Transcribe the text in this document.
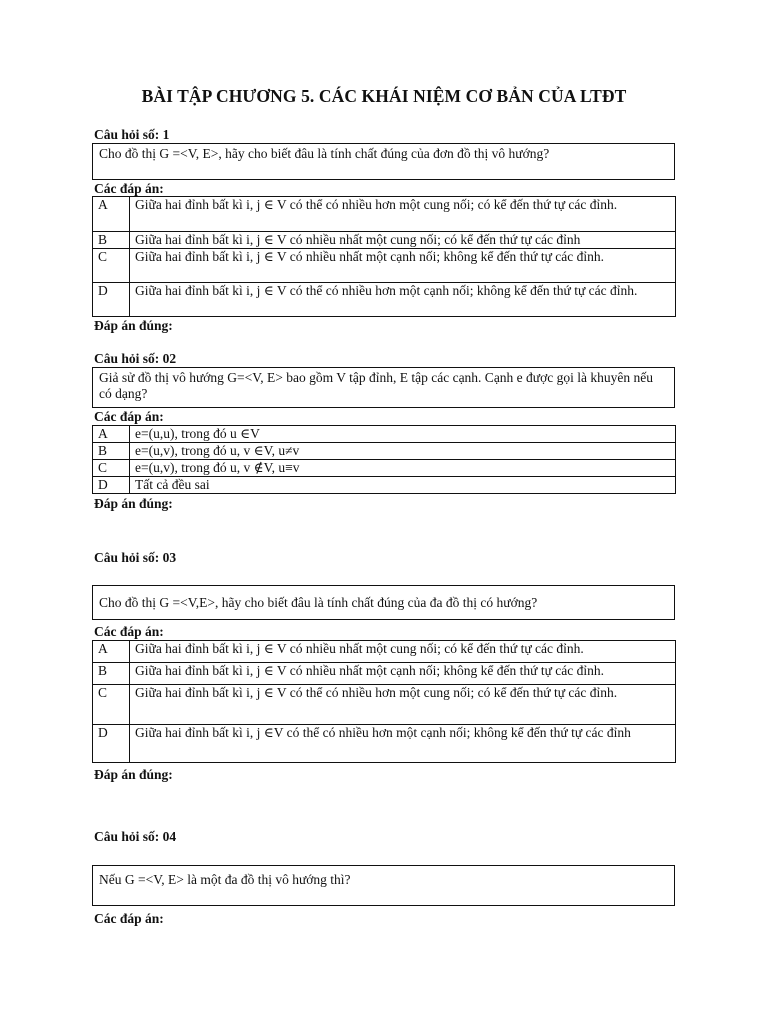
BÀI TẬP CHƯƠNG 5. CÁC KHÁI NIỆM CƠ BẢN CỦA LTĐT
Câu hỏi số: 1
Cho đồ thị G =<V, E>, hãy cho biết đâu là tính chất đúng của đơn đồ thị vô hướng?
Các đáp án:
A	Giữa hai đỉnh bất kì i, j ∈ V có thể có nhiều hơn một cung nối; có kể đến thứ tự các đỉnh.
B	Giữa hai đỉnh bất kì i, j ∈ V có nhiều nhất một cung nối; có kể đến thứ tự các đỉnh
C	Giữa hai đỉnh bất kì i, j ∈ V có nhiều nhất một cạnh nối; không kể đến thứ tự các đỉnh.
D	Giữa hai đỉnh bất kì i, j ∈ V có thể có nhiều hơn một cạnh nối; không kể đến thứ tự các đỉnh.
Đáp án đúng:
Câu hỏi số: 02
Giả sử đồ thị vô hướng G=<V, E> bao gồm V tập đỉnh, E tập các cạnh. Cạnh e được gọi là khuyên nếu có dạng?
Các đáp án:
A	e=(u,u), trong đó u ∈V
B	e=(u,v), trong đó u, v ∈V, u≠v
C	e=(u,v), trong đó u, v ∉V, u≡v
D	Tất cả đều sai
Đáp án đúng:
Câu hỏi số: 03
Cho đồ thị G =<V,E>, hãy cho biết đâu là tính chất đúng của đa đồ thị có hướng?
Các đáp án:
A	Giữa hai đỉnh bất kì i, j ∈ V có nhiều nhất một cung nối; có kể đến thứ tự các đỉnh.
B	Giữa hai đỉnh bất kì i, j ∈ V có nhiều nhất một cạnh nối; không kể đến thứ tự các đỉnh.
C	Giữa hai đỉnh bất kì i, j ∈ V có thể có nhiều hơn một cung nối; có kể đến thứ tự các đỉnh.
D	Giữa hai đỉnh bất kì i, j ∈V có thể có nhiều hơn một cạnh nối; không kể đến thứ tự các đỉnh
Đáp án đúng:
Câu hỏi số: 04
Nếu G =<V, E> là một đa đồ thị vô hướng thì?
Các đáp án:
